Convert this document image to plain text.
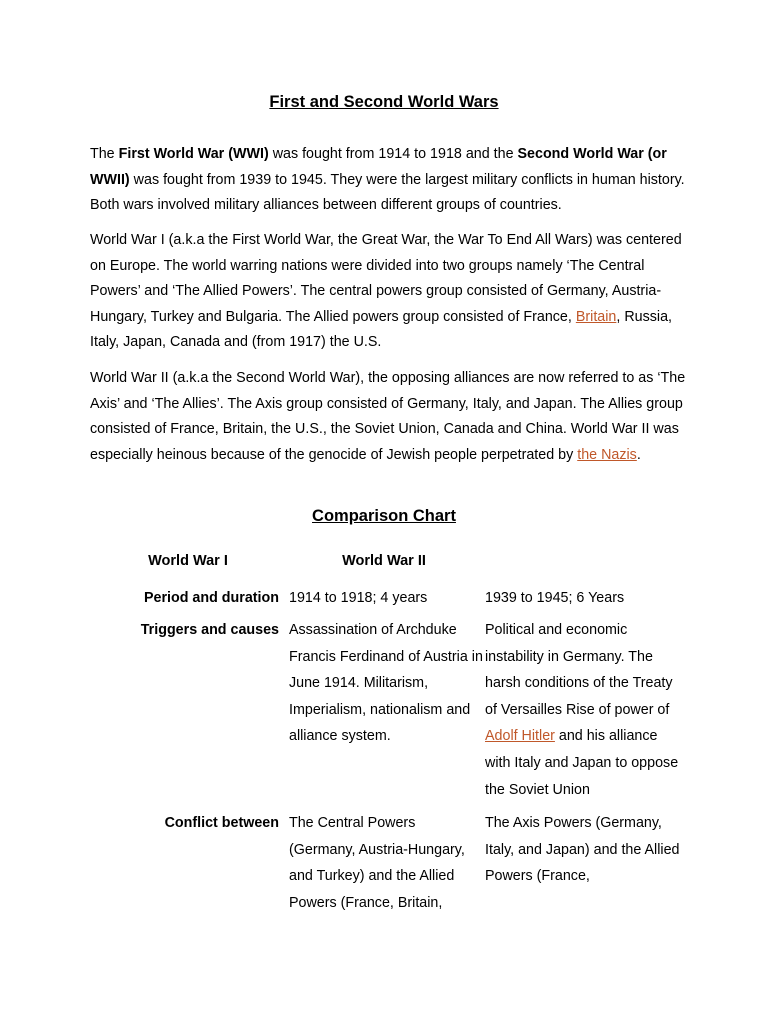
First and Second World Wars

The First World War (WWI) was fought from 1914 to 1918 and the Second World War (or WWII) was fought from 1939 to 1945. They were the largest military conflicts in human history. Both wars involved military alliances between different groups of countries.

World War I (a.k.a the First World War, the Great War, the War To End All Wars) was centered on Europe. The world warring nations were divided into two groups namely ‘The Central Powers’ and ‘The Allied Powers’. The central powers group consisted of Germany, Austria-Hungary, Turkey and Bulgaria. The Allied powers group consisted of France, Britain, Russia, Italy, Japan, Canada and (from 1917) the U.S.

World War II (a.k.a the Second World War), the opposing alliances are now referred to as ‘The Axis’ and ‘The Allies’. The Axis group consisted of Germany, Italy, and Japan. The Allies group consisted of France, Britain, the U.S., the Soviet Union, Canada and China. World War II was especially heinous because of the genocide of Jewish people perpetrated by the Nazis.

Comparison Chart
World War I	World War II
Period and duration 1914 to 1918; 4 years	1939 to 1945; 6 Years
Triggers and causes Assassination of Archduke Francis Ferdinand of Austria in June 1914. Militarism, Imperialism, nationalism and alliance system.
Political and economic instability in Germany. The harsh conditions of the Treaty of Versailles Rise of power of Adolf Hitler and his alliance with Italy and Japan to oppose the Soviet Union
Conflict between The Central Powers (Germany, Austria-Hungary, and Turkey) and the Allied Powers (France, Britain,
The Axis Powers (Germany, Italy, and Japan) and the Allied Powers (France,
